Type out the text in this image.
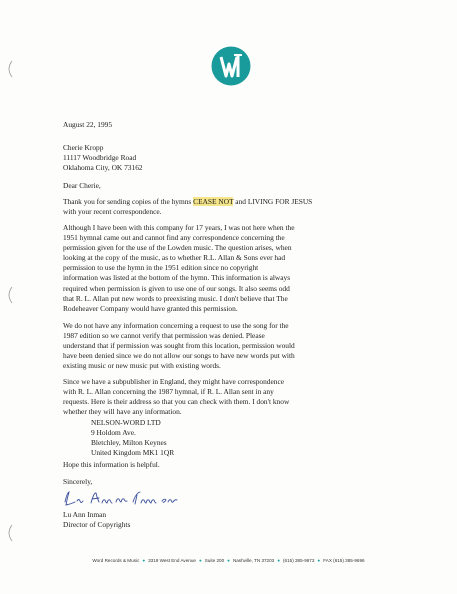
August 22, 1995
Cherie Kropp
11117 Woodbridge Road
Oklahoma City, OK 73162
Dear Cherie,
Thank you for sending copies of the hymns CEASE NOT and LIVING FOR JESUS
with your recent correspondence.
Although I have been with this company for 17 years, I was not here when the
1951 hymnal came out and cannot find any correspondence concerning the
permission given for the use of the Lowden music. The question arises, when
looking at the copy of the music, as to whether R.L. Allan & Sons ever had
permission to use the hymn in the 1951 edition since no copyright
information was listed at the bottom of the hymn. This information is always
required when permission is given to use one of our songs. It also seems odd
that R. L. Allan put new words to preexisting music. I don't believe that The
Rodeheaver Company would have granted this permission.
We do not have any information concerning a request to use the song for the
1987 edition so we cannot verify that permission was denied. Please
understand that if permission was sought from this location, permission would
have been denied since we do not allow our songs to have new words put with
existing music or new music put with existing words.
Since we have a subpublisher in England, they might have correspondence
with R. L. Allan concerning the 1987 hymnal, if R. L. Allan sent in any
requests. Here is their address so that you can check with them. I don't know
whether they will have any information.
NELSON-WORD LTD
9 Holdom Ave.
Bletchley, Milton Keynes
United Kingdom MK1 1QR
Hope this information is helpful.
Sincerely,
Lu Ann Inman
Director of Copyrights
Word Records & Music ● 3319 West End Avenue ● Suite 200 ● Nashville, TN 37203 ● (615) 385-9673 ● FAX (615) 385-9696
